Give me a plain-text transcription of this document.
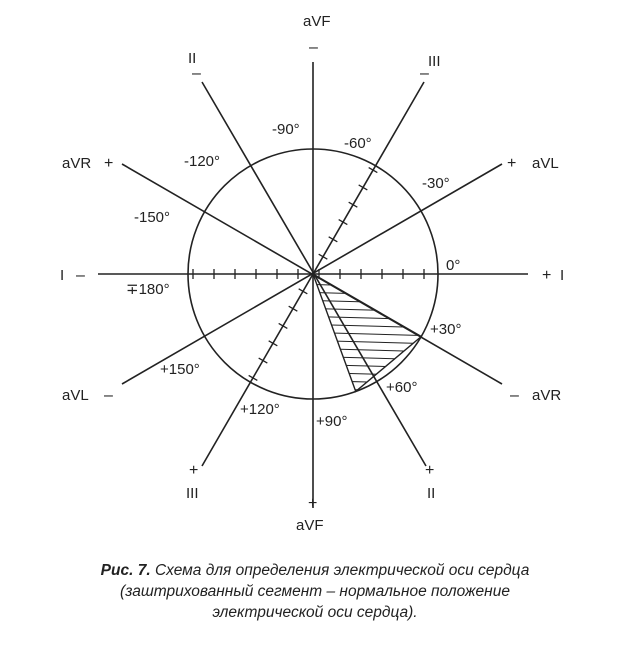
aVF
–
aVF
+
II
–
II
+
III
–
III
+
aVR +
aVR
–
aVL
+
aVL –
I –	+ I
0°
+30°
+60°
+90°
+120°
+150°
∓180°
-150°
-120°
-90°
-60°
-30°
Рис. 7. Схема для определения электрической оси сердца
(заштрихованный сегмент – нормальное положение
электрической оси сердца).
